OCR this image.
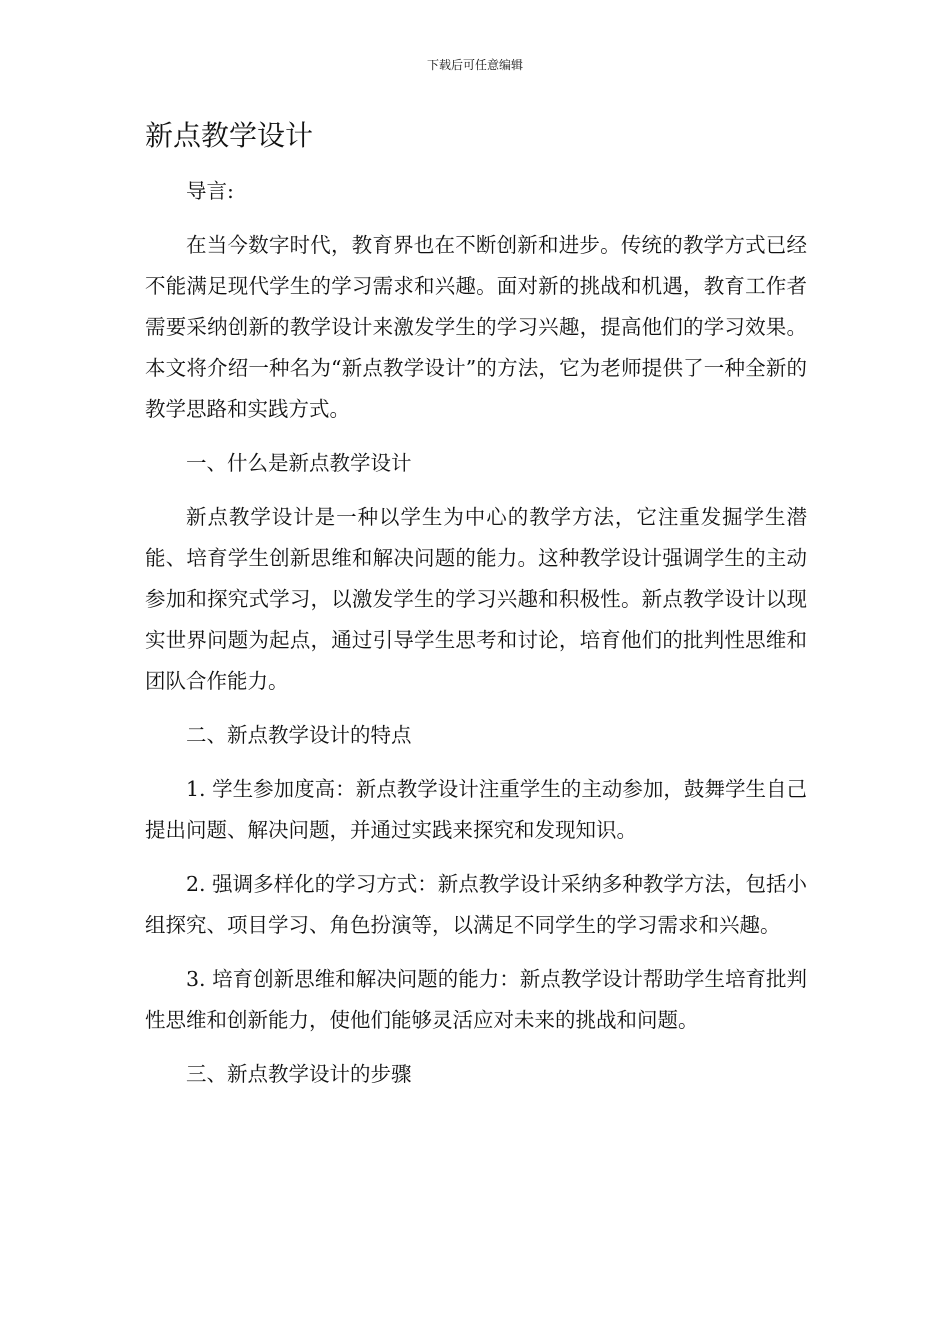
下载后可任意编辑
新点教学设计

导言:

在当今数字时代，教育界也在不断创新和进步。传统的教学方式已经不能满足现代学生的学习需求和兴趣。面对新的挑战和机遇，教育工作者需要采纳创新的教学设计来激发学生的学习兴趣，提高他们的学习效果。本文将介绍一种名为“新点教学设计”的方法，它为老师提供了一种全新的教学思路和实践方式。

一、什么是新点教学设计

新点教学设计是一种以学生为中心的教学方法，它注重发掘学生潜能、培育学生创新思维和解决问题的能力。这种教学设计强调学生的主动参加和探究式学习，以激发学生的学习兴趣和积极性。新点教学设计以现实世界问题为起点，通过引导学生思考和讨论，培育他们的批判性思维和团队合作能力。

二、新点教学设计的特点

1. 学生参加度高：新点教学设计注重学生的主动参加，鼓舞学生自己提出问题、解决问题，并通过实践来探究和发现知识。

2. 强调多样化的学习方式：新点教学设计采纳多种教学方法，包括小组探究、项目学习、角色扮演等，以满足不同学生的学习需求和兴趣。

3. 培育创新思维和解决问题的能力：新点教学设计帮助学生培育批判性思维和创新能力，使他们能够灵活应对未来的挑战和问题。

三、新点教学设计的步骤
